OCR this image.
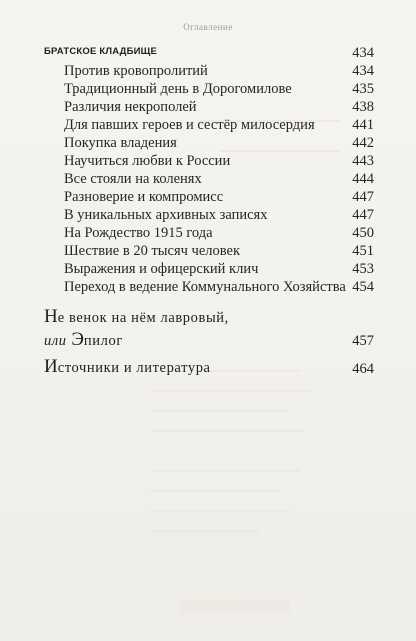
Оглавление
БРАТСКОЕ КЛАДБИЩЕ	434
Против кровопролитий	434
Традиционный день в Дорогомилове	435
Различия некрополей	438
Для павших героев и сестёр милосердия	441
Покупка владения	442
Научиться любви к России	443
Все стояли на коленях	444
Разноверие и компромисс	447
В уникальных архивных записях	447
На Рождество 1915 года	450
Шествие в 20 тысяч человек	451
Выражения и офицерский клич	453
Переход в ведение Коммунального Хозяйства 454
Не венок на нём лавровый,
или Эпилог	457
Источники и литература	464
